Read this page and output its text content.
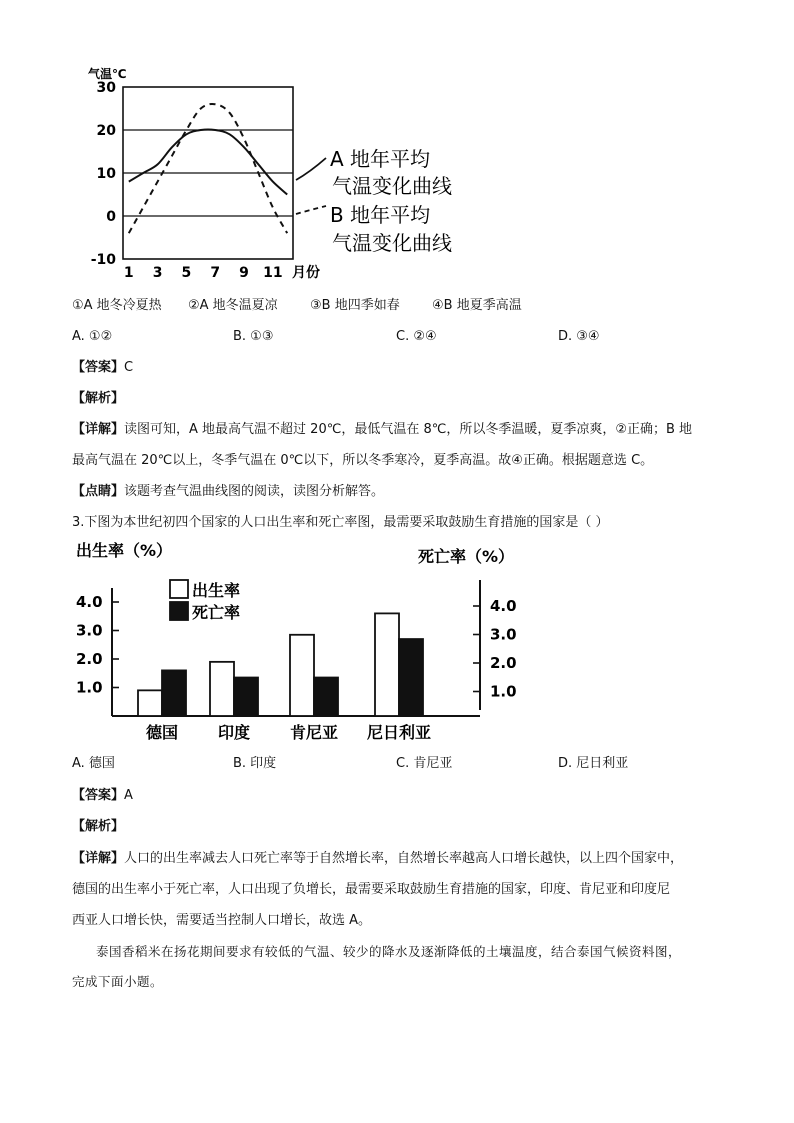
气温℃
30
20
10
0
-10
1 3 5 7 9 11 月份
A 地年平均
气温变化曲线
B 地年平均
气温变化曲线
①A 地冬冷夏热 ②A 地冬温夏凉 ③B 地四季如春 ④B 地夏季高温
A. ①②	B. ①③	C. ②④	D. ③④
【答案】C
【解析】
【详解】读图可知，A 地最高气温不超过 20℃，最低气温在 8℃，所以冬季温暖，夏季凉爽，②正确；B 地
最高气温在 20℃以上，冬季气温在 0℃以下，所以冬季寒冷，夏季高温。故④正确。根据题意选 C。
【点睛】该题考查气温曲线图的阅读，读图分析解答。
3.下图为本世纪初四个国家的人口出生率和死亡率图，最需要采取鼓励生育措施的国家是（ ）
出生率（%）	死亡率（%）
4.0
3.0
2.0
1.0
4.0
3.0
2.0
1.0
德国 印度 肯尼亚 尼日利亚
出生率
死亡率
A. 德国	B. 印度	C. 肯尼亚	D. 尼日利亚
【答案】A
【解析】
【详解】人口的出生率减去人口死亡率等于自然增长率，自然增长率越高人口增长越快，以上四个国家中，
德国的出生率小于死亡率，人口出现了负增长，最需要采取鼓励生育措施的国家，印度、肯尼亚和印度尼
西亚人口增长快，需要适当控制人口增长，故选 A。
泰国香稻米在扬花期间要求有较低的气温、较少的降水及逐渐降低的土壤温度，结合泰国气候资料图，
完成下面小题。
